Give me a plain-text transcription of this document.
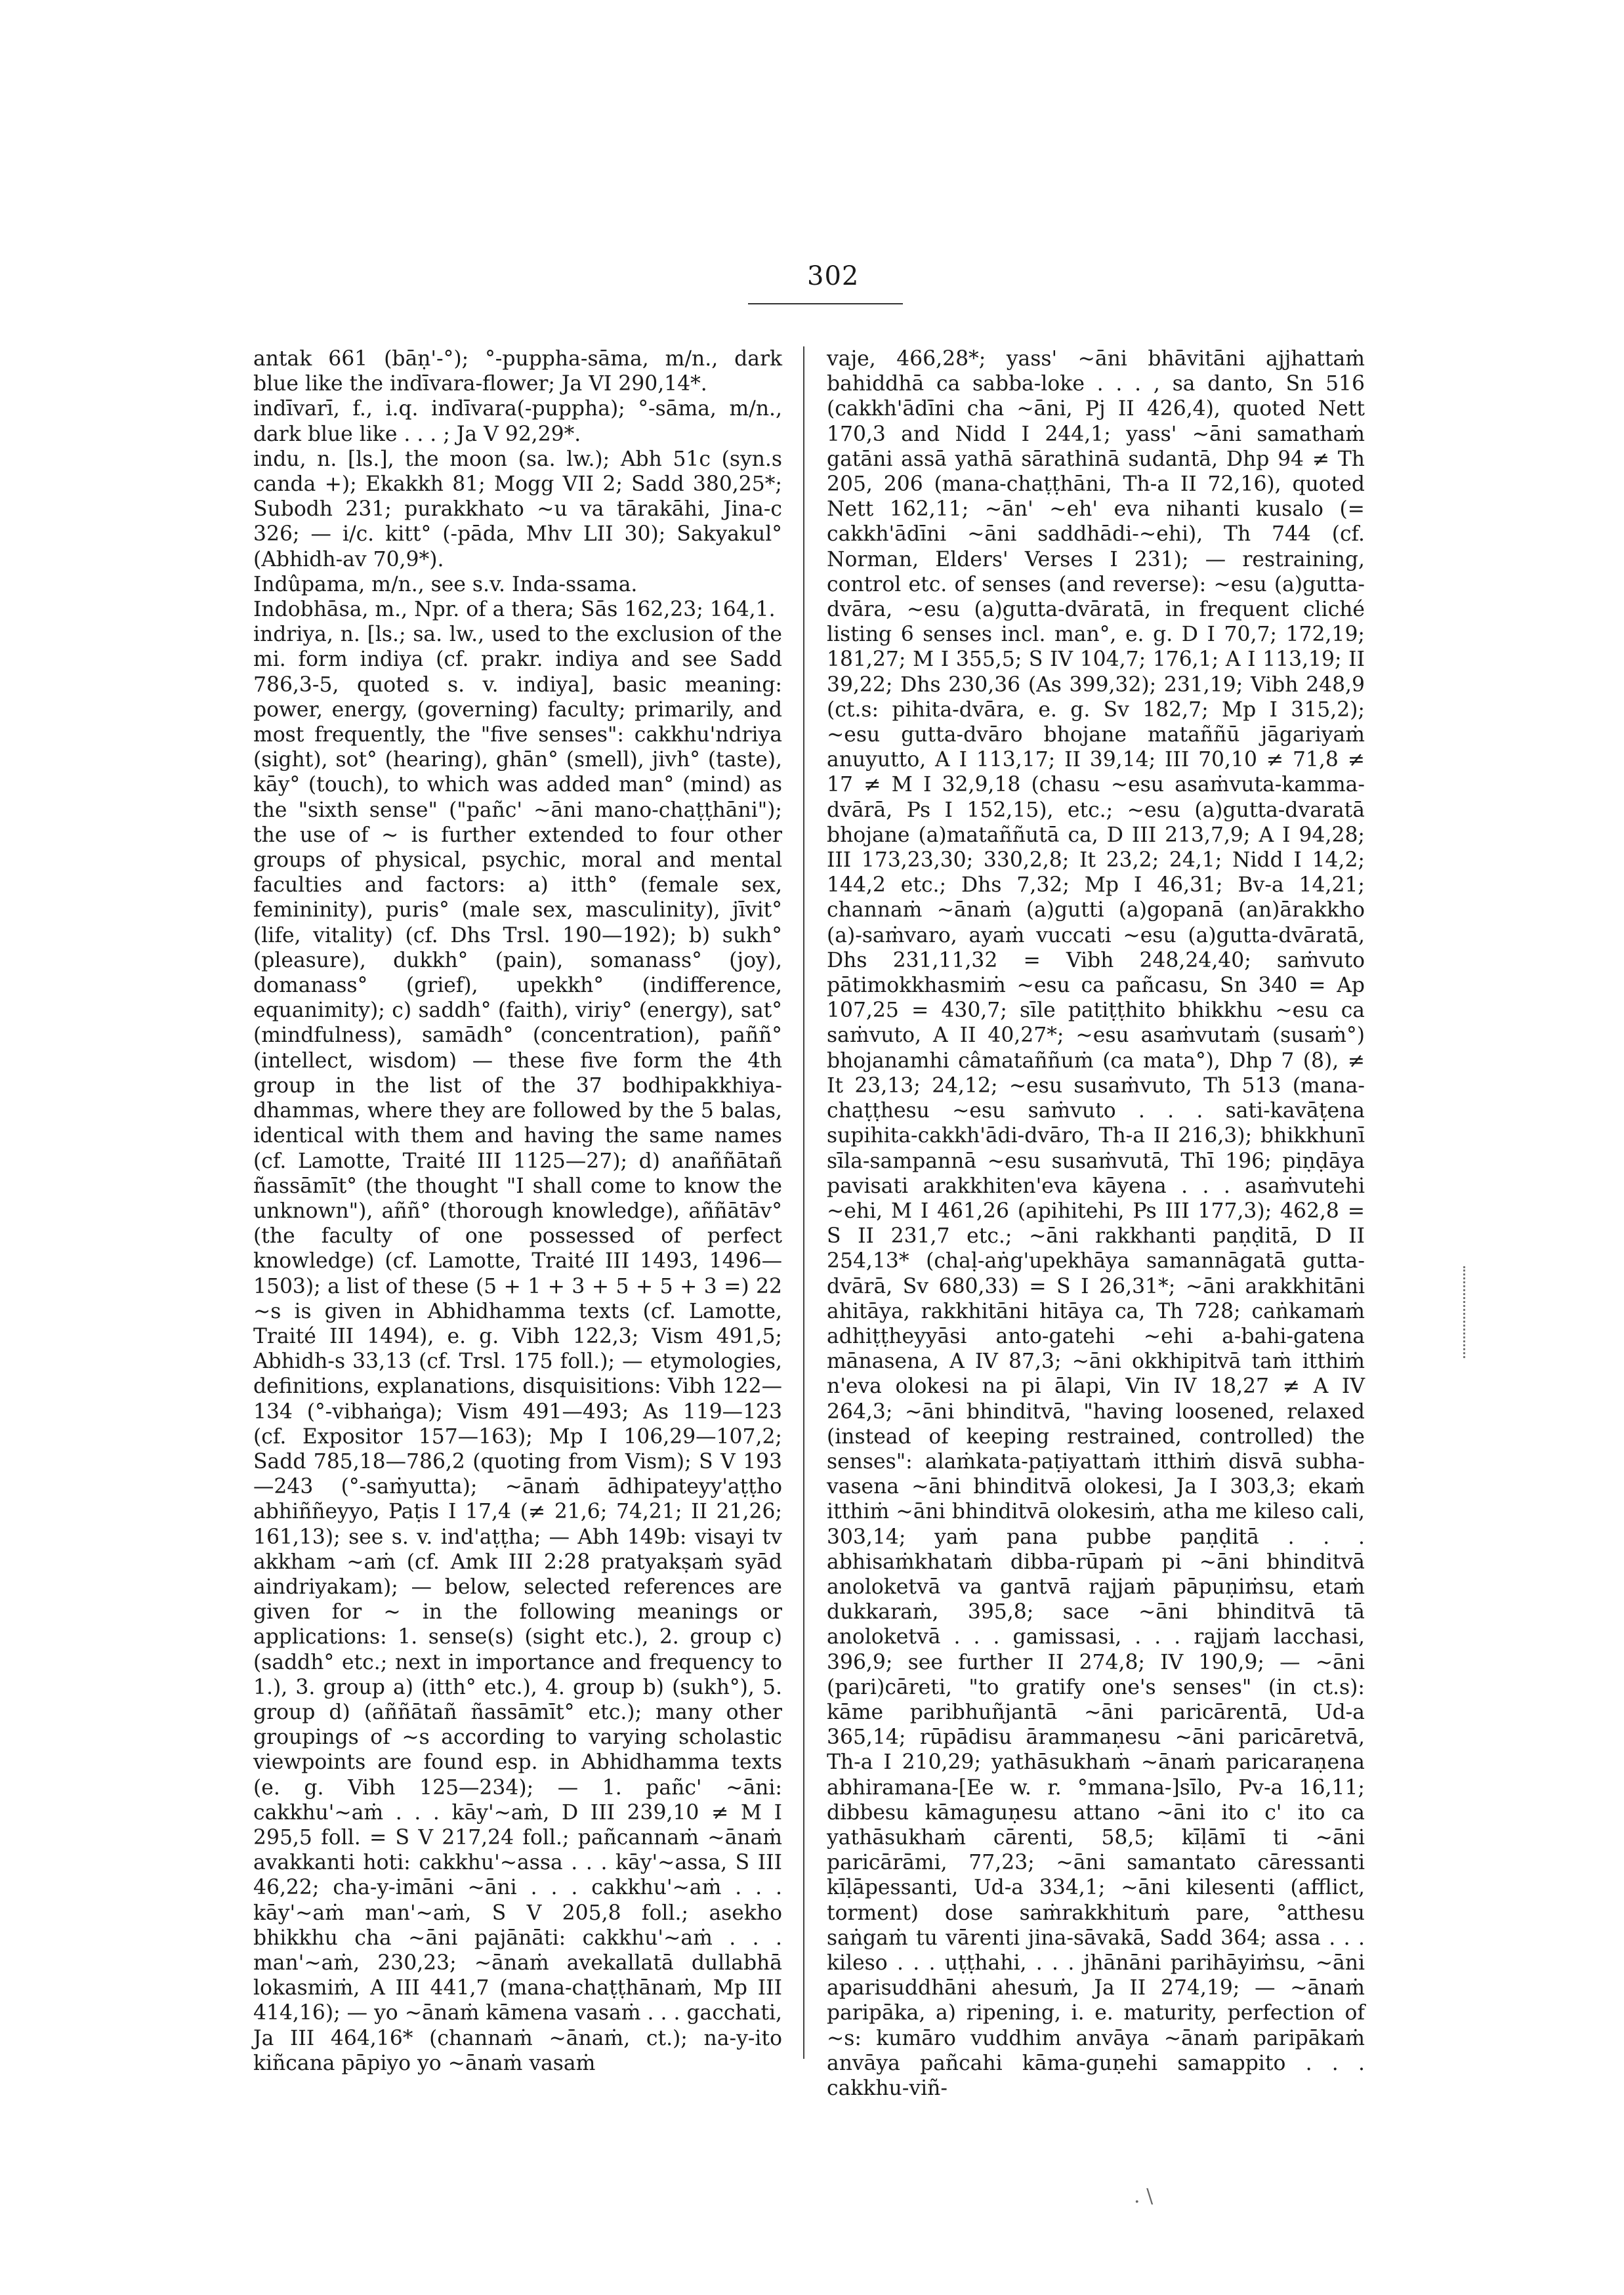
302

antak 661 (bāṇ'-°); °-puppha-sāma, m/n., dark blue like the indīvara-flower; Ja VI 290,14*.

indīvarī, f., i.q. indīvara(-puppha); °-sāma, m/n., dark blue like . . . ; Ja V 92,29*.

indu, n. [ls.], the moon (sa. lw.); Abh 51c (syn.s canda +); Ekakkh 81; Mogg VII 2; Sadd 380,25*; Subodh 231; purakkhato ~u va tārakāhi, Jina-c 326; — i/c. kitt° (-pāda, Mhv LII 30); Sakyakul° (Abhidh-av 70,9*).

Indûpama, m/n., see s.v. Inda-ssama.

Indobhāsa, m., Npr. of a thera; Sās 162,23; 164,1.

indriya, n. [ls.; sa. lw., used to the exclusion of the mi. form indiya (cf. prakr. indiya and see Sadd 786,3-5, quoted s. v. indiya], basic meaning: power, energy, (governing) faculty; primarily, and most frequently, the "five senses": cakkhu'ndriya (sight), sot° (hearing), ghān° (smell), jivh° (taste), kāy° (touch), to which was added man° (mind) as the "sixth sense" ("pañc' ~āni mano-chaṭṭhāni"); the use of ~ is further extended to four other groups of physical, psychic, moral and mental faculties and factors: a) itth° (female sex, femininity), puris° (male sex, masculinity), jīvit° (life, vitality) (cf. Dhs Trsl. 190—192); b) sukh° (pleasure), dukkh° (pain), somanass° (joy), domanass° (grief), upekkh° (indifference, equanimity); c) saddh° (faith), viriy° (energy), sat° (mindfulness), samādh° (concentration), paññ° (intellect, wisdom) — these five form the 4th group in the list of the 37 bodhipakkhiya-dhammas, where they are followed by the 5 balas, identical with them and having the same names (cf. Lamotte, Traité III 1125—27); d) anaññātañ ñassāmīt° (the thought "I shall come to know the unknown"), aññ° (thorough knowledge), aññātāv° (the faculty of one possessed of perfect knowledge) (cf. Lamotte, Traité III 1493, 1496—1503); a list of these (5 + 1 + 3 + 5 + 5 + 3 =) 22 ~s is given in Abhidhamma texts (cf. Lamotte, Traité III 1494), e. g. Vibh 122,3; Vism 491,5; Abhidh-s 33,13 (cf. Trsl. 175 foll.); — etymologies, definitions, explanations, disquisitions: Vibh 122—134 (°-vibhaṅga); Vism 491—493; As 119—123 (cf. Expositor 157—163); Mp I 106,29—107,2; Sadd 785,18—786,2 (quoting from Vism); S V 193—243 (°-saṁyutta); ~ānaṁ ādhipateyy'aṭṭho abhiññeyyo, Paṭis I 17,4 (≠ 21,6; 74,21; II 21,26; 161,13); see s. v. ind'aṭṭha; — Abh 149b: visayi tv akkham ~aṁ (cf. Amk III 2:28 pratyakṣaṁ syād aindriyakam); — below, selected references are given for ~ in the following meanings or applications: 1. sense(s) (sight etc.), 2. group c) (saddh° etc.; next in importance and frequency to 1.), 3. group a) (itth° etc.), 4. group b) (sukh°), 5. group d) (aññātañ ñassāmīt° etc.); many other groupings of ~s according to varying scholastic viewpoints are found esp. in Abhidhamma texts (e. g. Vibh 125—234); — 1. pañc' ~āni: cakkhu'~aṁ . . . kāy'~aṁ, D III 239,10 ≠ M I 295,5 foll. = S V 217,24 foll.; pañcannaṁ ~ānaṁ avakkanti hoti: cakkhu'~assa . . . kāy'~assa, S III 46,22; cha-y-imāni ~āni . . . cakkhu'~aṁ . . . kāy'~aṁ man'~aṁ, S V 205,8 foll.; asekho bhikkhu cha ~āni pajānāti: cakkhu'~aṁ . . . man'~aṁ, 230,23; ~ānaṁ avekallatā dullabhā lokasmiṁ, A III 441,7 (mana-chaṭṭhānaṁ, Mp III 414,16); — yo ~ānaṁ kāmena vasaṁ . . . gacchati, Ja III 464,16* (channaṁ ~ānaṁ, ct.); na-y-ito kiñcana pāpiyo yo ~ānaṁ vasaṁ

vaje, 466,28*; yass' ~āni bhāvitāni ajjhattaṁ bahiddhā ca sabba-loke . . . , sa danto, Sn 516 (cakkh'ādīni cha ~āni, Pj II 426,4), quoted Nett 170,3 and Nidd I 244,1; yass' ~āni samathaṁ gatāni assā yathā sārathinā sudantā, Dhp 94 ≠ Th 205, 206 (mana-chaṭṭhāni, Th-a II 72,16), quoted Nett 162,11; ~ān' ~eh' eva nihanti kusalo (= cakkh'ādīni ~āni saddhādi-~ehi), Th 744 (cf. Norman, Elders' Verses I 231); — restraining, control etc. of senses (and reverse): ~esu (a)gutta-dvāra, ~esu (a)gutta-dvāratā, in frequent cliché listing 6 senses incl. man°, e. g. D I 70,7; 172,19; 181,27; M I 355,5; S IV 104,7; 176,1; A I 113,19; II 39,22; Dhs 230,36 (As 399,32); 231,19; Vibh 248,9 (ct.s: pihita-dvāra, e. g. Sv 182,7; Mp I 315,2); ~esu gutta-dvāro bhojane mataññū jāgariyaṁ anuyutto, A I 113,17; II 39,14; III 70,10 ≠ 71,8 ≠ 17 ≠ M I 32,9,18 (chasu ~esu asaṁvuta-kamma-dvārā, Ps I 152,15), etc.; ~esu (a)gutta-dvaratā bhojane (a)mataññutā ca, D III 213,7,9; A I 94,28; III 173,23,30; 330,2,8; It 23,2; 24,1; Nidd I 14,2; 144,2 etc.; Dhs 7,32; Mp I 46,31; Bv-a 14,21; channaṁ ~ānaṁ (a)gutti (a)gopanā (an)ārakkho (a)-saṁvaro, ayaṁ vuccati ~esu (a)gutta-dvāratā, Dhs 231,11,32 = Vibh 248,24,40; saṁvuto pātimokkhasmiṁ ~esu ca pañcasu, Sn 340 = Ap 107,25 = 430,7; sīle patiṭṭhito bhikkhu ~esu ca saṁvuto, A II 40,27*; ~esu asaṁvutaṁ (susaṁ°) bhojanamhi câmataññuṁ (ca mata°), Dhp 7 (8), ≠ It 23,13; 24,12; ~esu susaṁvuto, Th 513 (mana-chaṭṭhesu ~esu saṁvuto . . . sati-kavāṭena supihita-cakkh'ādi-dvāro, Th-a II 216,3); bhikkhunī sīla-sampannā ~esu susaṁvutā, Thī 196; piṇḍāya pavisati arakkhiten'eva kāyena . . . asaṁvutehi ~ehi, M I 461,26 (apihitehi, Ps III 177,3); 462,8 = S II 231,7 etc.; ~āni rakkhanti paṇḍitā, D II 254,13* (chaḷ-aṅg'upekhāya samannāgatā gutta-dvārā, Sv 680,33) = S I 26,31*; ~āni arakkhitāni ahitāya, rakkhitāni hitāya ca, Th 728; caṅkamaṁ adhiṭṭheyyāsi anto-gatehi ~ehi a-bahi-gatena mānasena, A IV 87,3; ~āni okkhipitvā taṁ itthiṁ n'eva olokesi na pi ālapi, Vin IV 18,27 ≠ A IV 264,3; ~āni bhinditvā, "having loosened, relaxed (instead of keeping restrained, controlled) the senses": alaṁkata-paṭiyattaṁ itthiṁ disvā subha-vasena ~āni bhinditvā olokesi, Ja I 303,3; ekaṁ itthiṁ ~āni bhinditvā olokesiṁ, atha me kileso cali, 303,14; yaṁ pana pubbe paṇḍitā . . . abhisaṁkhataṁ dibba-rūpaṁ pi ~āni bhinditvā anoloketvā va gantvā rajjaṁ pāpuṇiṁsu, etaṁ dukkaraṁ, 395,8; sace ~āni bhinditvā tā anoloketvā . . . gamissasi, . . . rajjaṁ lacchasi, 396,9; see further II 274,8; IV 190,9; — ~āni (pari)cāreti, "to gratify one's senses" (in ct.s): kāme paribhuñjantā ~āni paricārentā, Ud-a 365,14; rūpādisu ārammaṇesu ~āni paricāretvā, Th-a I 210,29; yathāsukhaṁ ~ānaṁ paricaraṇena abhiramana-[Ee w. r. °mmana-]sīlo, Pv-a 16,11; dibbesu kāmaguṇesu attano ~āni ito c' ito ca yathāsukhaṁ cārenti, 58,5; kīḷāmī ti ~āni paricārāmi, 77,23; ~āni samantato cāressanti kīḷāpessanti, Ud-a 334,1; ~āni kilesenti (afflict, torment) dose saṁrakkhituṁ pare, °atthesu saṅgaṁ tu vārenti jina-sāvakā, Sadd 364; assa . . . kileso . . . uṭṭhahi, . . . jhānāni parihāyiṁsu, ~āni aparisuddhāni ahesuṁ, Ja II 274,19; — ~ānaṁ paripāka, a) ripening, i. e. maturity, perfection of ~s: kumāro vuddhim anvāya ~ānaṁ paripākaṁ anvāya pañcahi kāma-guṇehi samappito . . . cakkhu-viñ-

. \
